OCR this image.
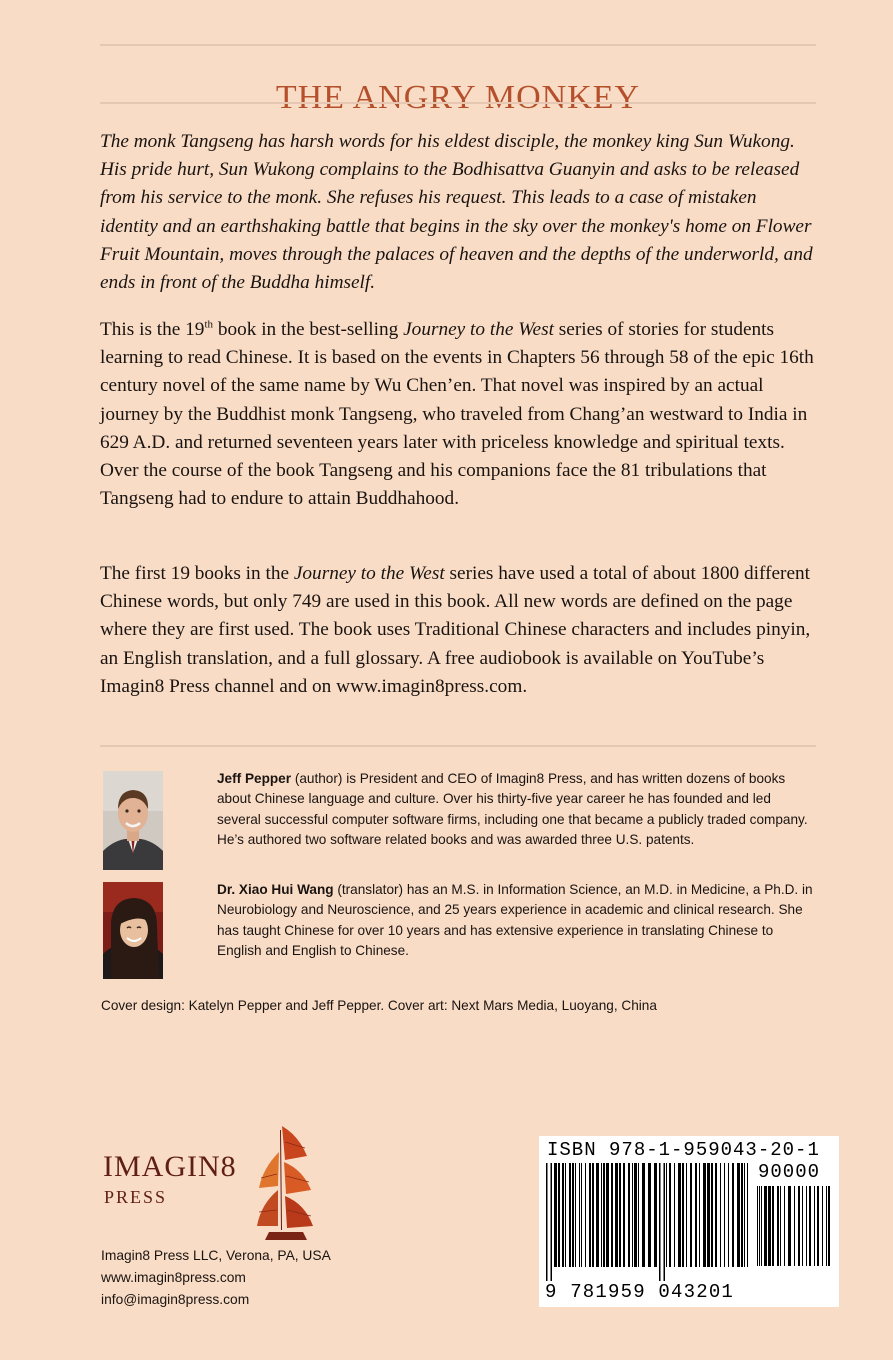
THE ANGRY MONKEY

The monk Tangseng has harsh words for his eldest disciple, the monkey king Sun Wukong. His pride hurt, Sun Wukong complains to the Bodhisattva Guanyin and asks to be released from his service to the monk. She refuses his request. This leads to a case of mistaken identity and an earthshaking battle that begins in the sky over the monkey's home on Flower Fruit Mountain, moves through the palaces of heaven and the depths of the underworld, and ends in front of the Buddha himself.

This is the 19th book in the best-selling Journey to the West series of stories for students learning to read Chinese. It is based on the events in Chapters 56 through 58 of the epic 16th century novel of the same name by Wu Chen’en. That novel was inspired by an actual journey by the Buddhist monk Tangseng, who traveled from Chang’an westward to India in 629 A.D. and returned seventeen years later with priceless knowledge and spiritual texts. Over the course of the book Tangseng and his companions face the 81 tribulations that Tangseng had to endure to attain Buddhahood.

The first 19 books in the Journey to the West series have used a total of about 1800 different Chinese words, but only 749 are used in this book. All new words are defined on the page where they are first used. The book uses Traditional Chinese characters and includes pinyin, an English translation, and a full glossary. A free audiobook is available on YouTube’s Imagin8 Press channel and on www.imagin8press.com.

Jeff Pepper (author) is President and CEO of Imagin8 Press, and has written dozens of books about Chinese language and culture. Over his thirty-five year career he has founded and led several successful computer software firms, including one that became a publicly traded company. He’s authored two software related books and was awarded three U.S. patents.

Dr. Xiao Hui Wang (translator) has an M.S. in Information Science, an M.D. in Medicine, a Ph.D. in Neurobiology and Neuroscience, and 25 years experience in academic and clinical research. She has taught Chinese for over 10 years and has extensive experience in translating Chinese to English and English to Chinese.

Cover design: Katelyn Pepper and Jeff Pepper. Cover art: Next Mars Media, Luoyang, China
IMAGIN8
PRESS
Imagin8 Press LLC, Verona, PA, USA
www.imagin8press.com
info@imagin8press.com
ISBN 978-1-959043-20-1
90000
9 781959 043201
